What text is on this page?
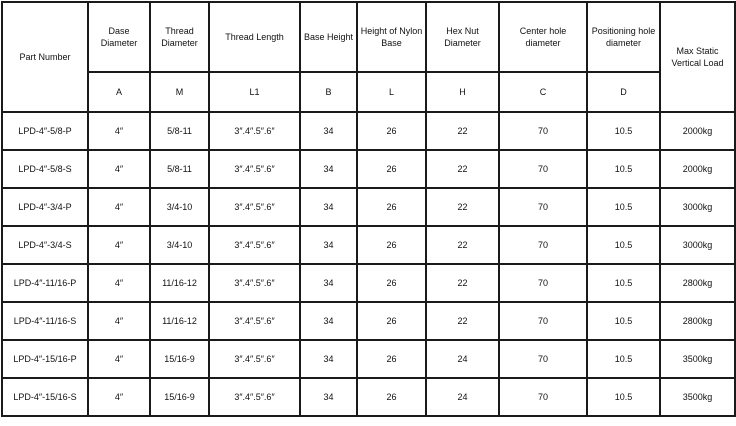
Part Number	Dase Diameter	Thread Diameter	Thread Length	Base Height	Height of Nylon Base	Hex Nut Diameter	Center hole diameter	Positioning hole diameter	Max Static Vertical Load
	A	M	L1	B	L	H	C	D	
LPD-4″-5/8-P	4″	5/8-11	3″.4″.5″.6″	34	26	22	70	10.5	2000kg
LPD-4″-5/8-S	4″	5/8-11	3″.4″.5″.6″	34	26	22	70	10.5	2000kg
LPD-4″-3/4-P	4″	3/4-10	3″.4″.5″.6″	34	26	22	70	10.5	3000kg
LPD-4″-3/4-S	4″	3/4-10	3″.4″.5″.6″	34	26	22	70	10.5	3000kg
LPD-4″-11/16-P	4″	11/16-12	3″.4″.5″.6″	34	26	22	70	10.5	2800kg
LPD-4″-11/16-S	4″	11/16-12	3″.4″.5″.6″	34	26	22	70	10.5	2800kg
LPD-4″-15/16-P	4″	15/16-9	3″.4″.5″.6″	34	26	24	70	10.5	3500kg
LPD-4″-15/16-S	4″	15/16-9	3″.4″.5″.6″	34	26	24	70	10.5	3500kg
